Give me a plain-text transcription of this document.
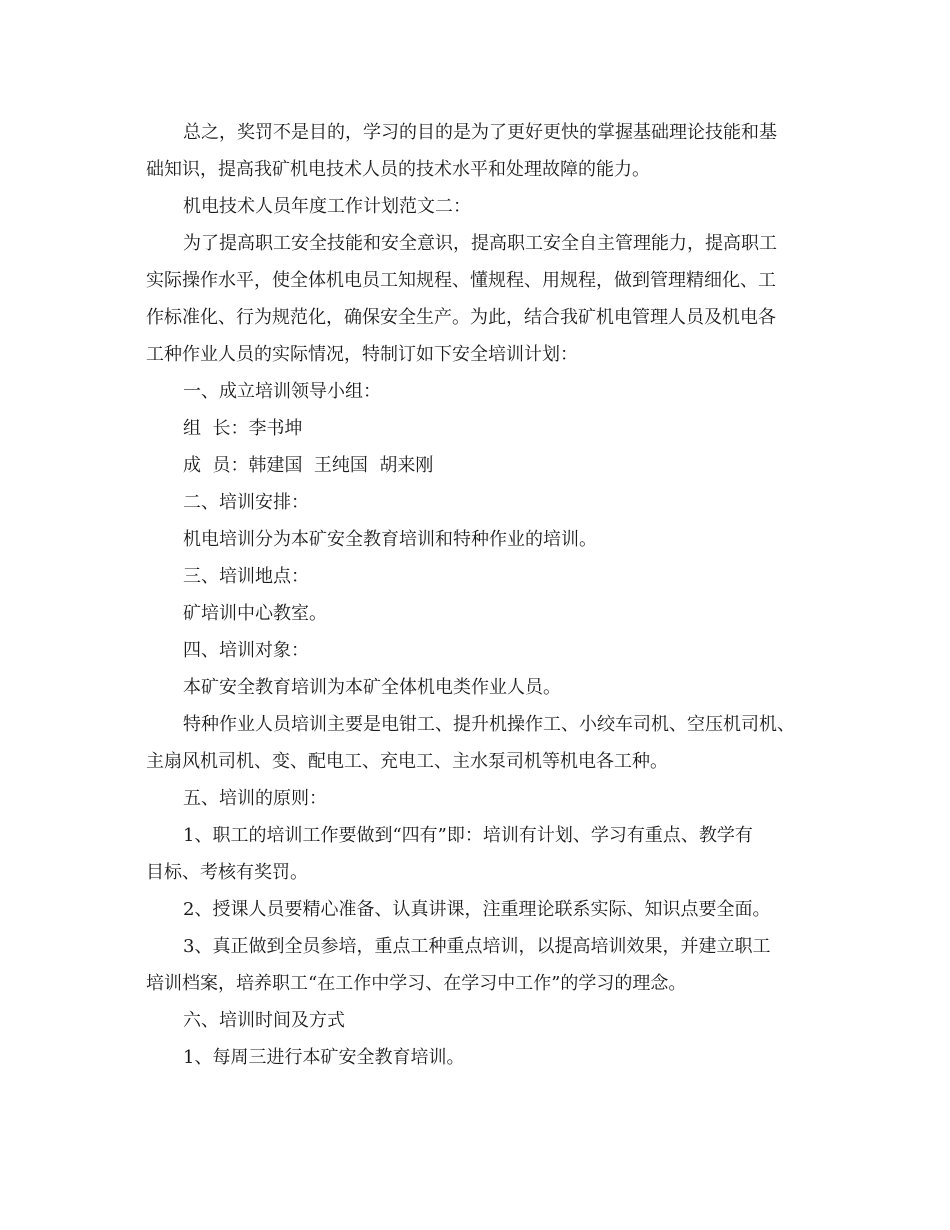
总之，奖罚不是目的，学习的目的是为了更好更快的掌握基础理论技能和基

础知识，提高我矿机电技术人员的技术水平和处理故障的能力。

机电技术人员年度工作计划范文二：

为了提高职工安全技能和安全意识，提高职工安全自主管理能力，提高职工

实际操作水平，使全体机电员工知规程、懂规程、用规程，做到管理精细化、工

作标准化、行为规范化，确保安全生产。为此，结合我矿机电管理人员及机电各

工种作业人员的实际情况，特制订如下安全培训计划：

一、成立培训领导小组：

组  长：李书坤

成  员：韩建国  王纯国  胡来刚

二、培训安排：

机电培训分为本矿安全教育培训和特种作业的培训。

三、培训地点：

矿培训中心教室。

四、培训对象：

本矿安全教育培训为本矿全体机电类作业人员。

特种作业人员培训主要是电钳工、提升机操作工、小绞车司机、空压机司机、

主扇风机司机、变、配电工、充电工、主水泵司机等机电各工种。

五、培训的原则：

1、职工的培训工作要做到“四有”即：培训有计划、学习有重点、教学有

目标、考核有奖罚。

2、授课人员要精心准备、认真讲课，注重理论联系实际、知识点要全面。

3、真正做到全员参培，重点工种重点培训，以提高培训效果，并建立职工

培训档案，培养职工“在工作中学习、在学习中工作”的学习的理念。

六、培训时间及方式

1、每周三进行本矿安全教育培训。
